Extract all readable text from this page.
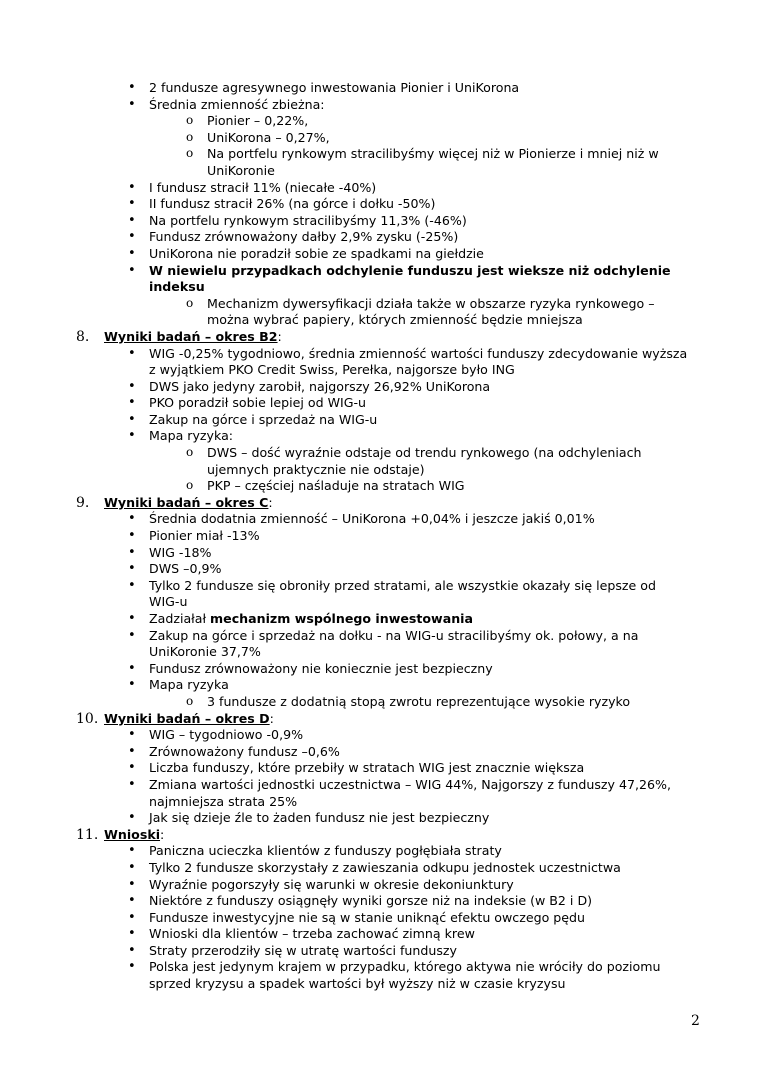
• 2 fundusze agresywnego inwestowania Pionier i UniKorona
• Średnia zmienność zbieżna:
o Pionier – 0,22%,
o UniKorona – 0,27%,
o Na portfelu rynkowym stracilibyśmy więcej niż w Pionierze i mniej niż w
UniKoronie
• I fundusz stracił 11% (niecałe -40%)
• II fundusz stracił 26% (na górce i dołku -50%)
• Na portfelu rynkowym stracilibyśmy 11,3% (-46%)
• Fundusz zrównoważony dałby 2,9% zysku (-25%)
• UniKorona nie poradził sobie ze spadkami na giełdzie
• W niewielu przypadkach odchylenie funduszu jest wieksze niż odchylenie
indeksu
o Mechanizm dywersyfikacji działa także w obszarze ryzyka rynkowego –
można wybrać papiery, których zmienność będzie mniejsza
8. Wyniki badań – okres B2:
• WIG -0,25% tygodniowo, średnia zmienność wartości funduszy zdecydowanie wyższa
z wyjątkiem PKO Credit Swiss, Perełka, najgorsze było ING
• DWS jako jedyny zarobił, najgorszy 26,92% UniKorona
• PKO poradził sobie lepiej od WIG-u
• Zakup na górce i sprzedaż na WIG-u
• Mapa ryzyka:
o DWS – dość wyraźnie odstaje od trendu rynkowego (na odchyleniach
ujemnych praktycznie nie odstaje)
o PKP – częściej naśladuje na stratach WIG
9. Wyniki badań – okres C:
• Średnia dodatnia zmienność – UniKorona +0,04% i jeszcze jakiś 0,01%
• Pionier miał -13%
• WIG -18%
• DWS –0,9%
• Tylko 2 fundusze się obroniły przed stratami, ale wszystkie okazały się lepsze od
WIG-u
• Zadziałał mechanizm wspólnego inwestowania
• Zakup na górce i sprzedaż na dołku - na WIG-u stracilibyśmy ok. połowy, a na
UniKoronie 37,7%
• Fundusz zrównoważony nie koniecznie jest bezpieczny
• Mapa ryzyka
o 3 fundusze z dodatnią stopą zwrotu reprezentujące wysokie ryzyko
10. Wyniki badań – okres D:
• WIG – tygodniowo -0,9%
• Zrównoważony fundusz –0,6%
• Liczba funduszy, które przebiły w stratach WIG jest znacznie większa
• Zmiana wartości jednostki uczestnictwa – WIG 44%, Najgorszy z funduszy 47,26%,
najmniejsza strata 25%
• Jak się dzieje źle to żaden fundusz nie jest bezpieczny
11. Wnioski:
• Paniczna ucieczka klientów z funduszy pogłębiała straty
• Tylko 2 fundusze skorzystały z zawieszania odkupu jednostek uczestnictwa
• Wyraźnie pogorszyły się warunki w okresie dekoniunktury
• Niektóre z funduszy osiągnęły wyniki gorsze niż na indeksie (w B2 i D)
• Fundusze inwestycyjne nie są w stanie uniknąć efektu owczego pędu
• Wnioski dla klientów – trzeba zachować zimną krew
• Straty przerodziły się w utratę wartości funduszy
• Polska jest jedynym krajem w przypadku, którego aktywa nie wróciły do poziomu
sprzed kryzysu a spadek wartości był wyższy niż w czasie kryzysu
2
